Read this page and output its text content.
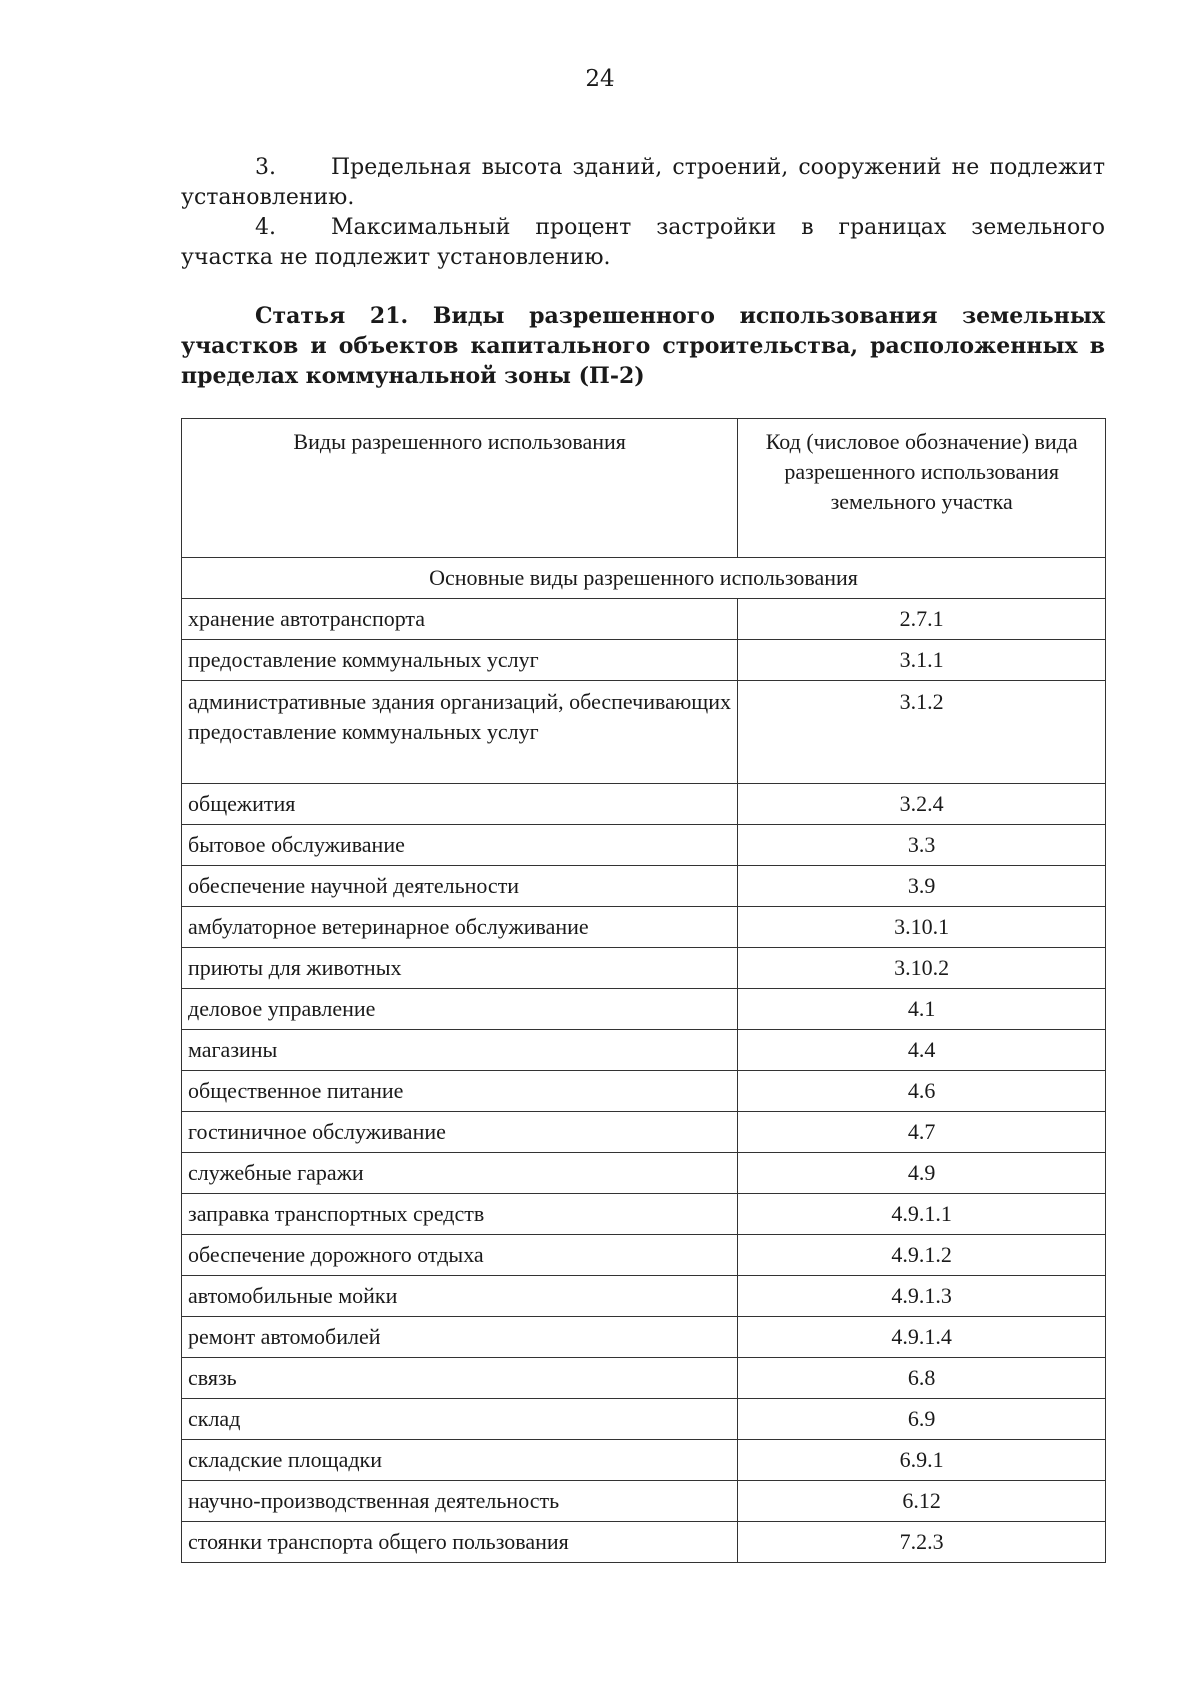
24
3.	Предельная высота зданий, строений, сооружений не подлежит установлению.
4.	Максимальный процент застройки в границах земельного участка не подлежит установлению.
Статья 21. Виды разрешенного использования земельных участков и объектов капитального строительства, расположенных в пределах коммунальной зоны (П-2)
Виды разрешенного использования	Код (числовое обозначение) вида разрешенного использования земельного участка
Основные виды разрешенного использования	
хранение автотранспорта	2.7.1
предоставление коммунальных услуг	3.1.1
административные здания организаций, обеспечивающих предоставление коммунальных услуг	3.1.2
общежития	3.2.4
бытовое обслуживание	3.3
обеспечение научной деятельности	3.9
амбулаторное ветеринарное обслуживание	3.10.1
приюты для животных	3.10.2
деловое управление	4.1
магазины	4.4
общественное питание	4.6
гостиничное обслуживание	4.7
служебные гаражи	4.9
заправка транспортных средств	4.9.1.1
обеспечение дорожного отдыха	4.9.1.2
автомобильные мойки	4.9.1.3
ремонт автомобилей	4.9.1.4
связь	6.8
склад	6.9
складские площадки	6.9.1
научно-производственная деятельность	6.12
стоянки транспорта общего пользования	7.2.3
